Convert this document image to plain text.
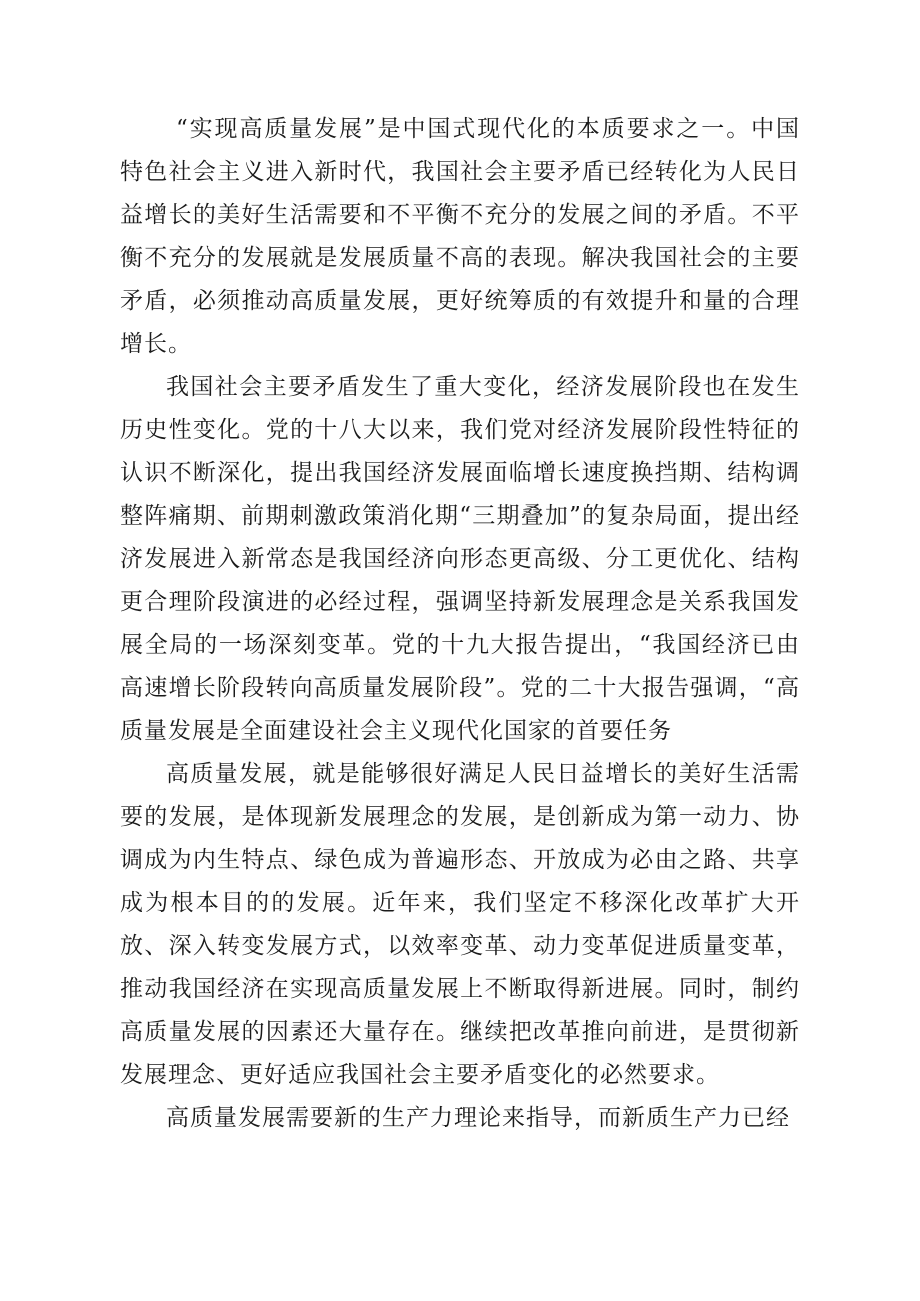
“实现高质量发展”是中国式现代化的本质要求之一。中国特色社会主义进入新时代，我国社会主要矛盾已经转化为人民日益增长的美好生活需要和不平衡不充分的发展之间的矛盾。不平衡不充分的发展就是发展质量不高的表现。解决我国社会的主要矛盾，必须推动高质量发展，更好统筹质的有效提升和量的合理增长。

我国社会主要矛盾发生了重大变化，经济发展阶段也在发生历史性变化。党的十八大以来，我们党对经济发展阶段性特征的认识不断深化，提出我国经济发展面临增长速度换挡期、结构调整阵痛期、前期刺激政策消化期“三期叠加”的复杂局面，提出经济发展进入新常态是我国经济向形态更高级、分工更优化、结构更合理阶段演进的必经过程，强调坚持新发展理念是关系我国发展全局的一场深刻变革。党的十九大报告提出，“我国经济已由高速增长阶段转向高质量发展阶段”。党的二十大报告强调，“高质量发展是全面建设社会主义现代化国家的首要任务

高质量发展，就是能够很好满足人民日益增长的美好生活需要的发展，是体现新发展理念的发展，是创新成为第一动力、协调成为内生特点、绿色成为普遍形态、开放成为必由之路、共享成为根本目的的发展。近年来，我们坚定不移深化改革扩大开放、深入转变发展方式，以效率变革、动力变革促进质量变革，推动我国经济在实现高质量发展上不断取得新进展。同时，制约高质量发展的因素还大量存在。继续把改革推向前进，是贯彻新发展理念、更好适应我国社会主要矛盾变化的必然要求。

高质量发展需要新的生产力理论来指导，而新质生产力已经
